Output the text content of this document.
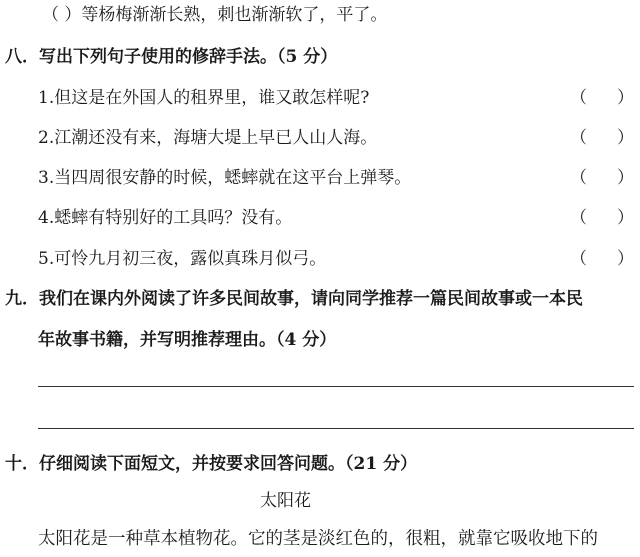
（ ）等杨梅渐渐长熟，刺也渐渐软了，平了。
八．写出下列句子使用的修辞手法。（5 分）
1.但这是在外国人的租界里，谁又敢怎样呢?	（ ）
2.江潮还没有来，海塘大堤上早已人山人海。	（ ）
3.当四周很安静的时候，蟋蟀就在这平台上弹琴。	（ ）
4.蟋蟀有特别好的工具吗？没有。	（ ）
5.可怜九月初三夜，露似真珠月似弓。	（ ）
九．我们在课内外阅读了许多民间故事，请向同学推荐一篇民间故事或一本民
年故事书籍，并写明推荐理由。（4 分）
十．仔细阅读下面短文，并按要求回答问题。（21 分）
太阳花
太阳花是一种草本植物花。它的茎是淡红色的，很粗，就靠它吸收地下的
